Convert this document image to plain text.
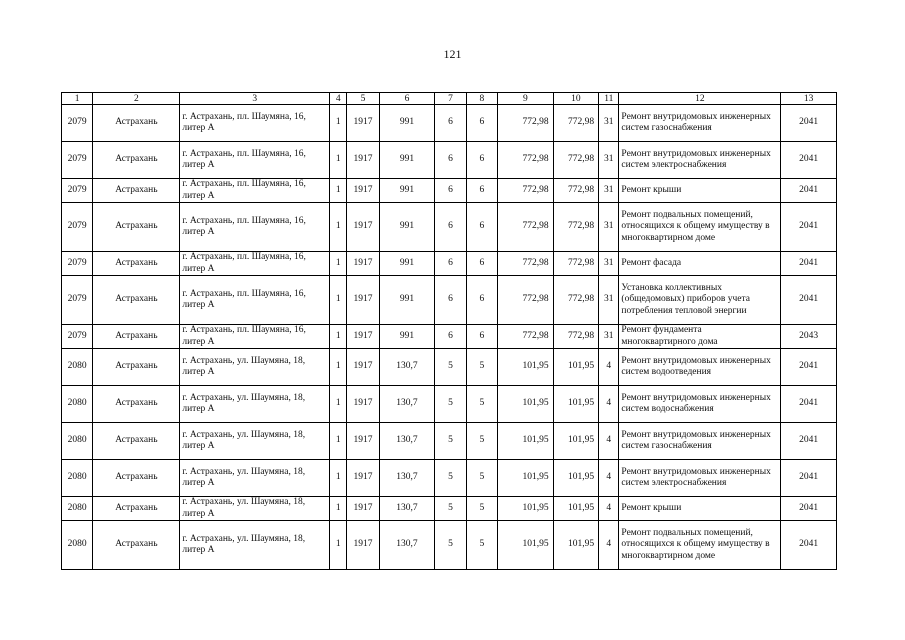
121
1	2	3	4	5	6	7	8	9	10	11	12	13
2079	Астрахань	г. Астрахань, пл. Шаумяна, 16, литер А	1	1917	991	6	6	772,98	772,98	31	Ремонт внутридомовых инженерных систем газоснабжения	2041
2079	Астрахань	г. Астрахань, пл. Шаумяна, 16, литер А	1	1917	991	6	6	772,98	772,98	31	Ремонт внутридомовых инженерных систем электроснабжения	2041
2079	Астрахань	г. Астрахань, пл. Шаумяна, 16, литер А	1	1917	991	6	6	772,98	772,98	31	Ремонт крыши	2041
2079	Астрахань	г. Астрахань, пл. Шаумяна, 16, литер А	1	1917	991	6	6	772,98	772,98	31	Ремонт подвальных помещений, относящихся к общему имуществу в многоквартирном доме	2041
2079	Астрахань	г. Астрахань, пл. Шаумяна, 16, литер А	1	1917	991	6	6	772,98	772,98	31	Ремонт фасада	2041
2079	Астрахань	г. Астрахань, пл. Шаумяна, 16, литер А	1	1917	991	6	6	772,98	772,98	31	Установка коллективных (общедомовых) приборов учета потребления тепловой энергии	2041
2079	Астрахань	г. Астрахань, пл. Шаумяна, 16, литер А	1	1917	991	6	6	772,98	772,98	31	Ремонт фундамента многоквартирного дома	2043
2080	Астрахань	г. Астрахань, ул. Шаумяна, 18, литер А	1	1917	130,7	5	5	101,95	101,95	4	Ремонт внутридомовых инженерных систем водоотведения	2041
2080	Астрахань	г. Астрахань, ул. Шаумяна, 18, литер А	1	1917	130,7	5	5	101,95	101,95	4	Ремонт внутридомовых инженерных систем водоснабжения	2041
2080	Астрахань	г. Астрахань, ул. Шаумяна, 18, литер А	1	1917	130,7	5	5	101,95	101,95	4	Ремонт внутридомовых инженерных систем газоснабжения	2041
2080	Астрахань	г. Астрахань, ул. Шаумяна, 18, литер А	1	1917	130,7	5	5	101,95	101,95	4	Ремонт внутридомовых инженерных систем электроснабжения	2041
2080	Астрахань	г. Астрахань, ул. Шаумяна, 18, литер А	1	1917	130,7	5	5	101,95	101,95	4	Ремонт крыши	2041
2080	Астрахань	г. Астрахань, ул. Шаумяна, 18, литер А	1	1917	130,7	5	5	101,95	101,95	4	Ремонт подвальных помещений, относящихся к общему имуществу в многоквартирном доме	2041
